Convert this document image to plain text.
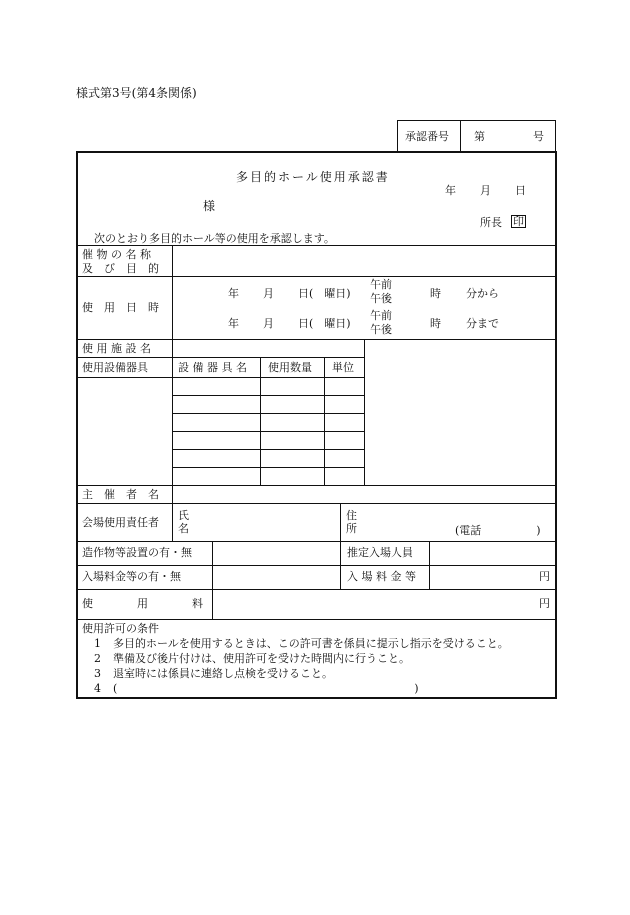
様式第3号(第4条関係)
承認番号 第	号
多目的ホール使用承認書
年 月 日
様
所長 印
次のとおり多目的ホール等の使用を承認します。
催 物 の 名 称
及　び　目　的
使　用　日　時
年 月 日(　曜日)
午前
午後	時 分から
年 月 日(　曜日)
午前
午後	時 分まで
使 用 施 設 名
使用設備器具	設 備 器 具 名 使用数量 単位
主　催　者　名
会場使用責任者
氏
名
住
所	(電話　　　　　)
造作物等設置の有・無	推定入場人員
入場料金等の有・無	入 場 料 金 等	円
使　　　　用　　　　料	円
使用許可の条件
1 多目的ホールを使用するときは、この許可書を係員に提示し指示を受けること。
2 準備及び後片付けは、使用許可を受けた時間内に行うこと。
3 退室時には係員に連絡し点検を受けること。
4 (　　　　　　　　　　　　　　　　　　　　　　　　　　　)
